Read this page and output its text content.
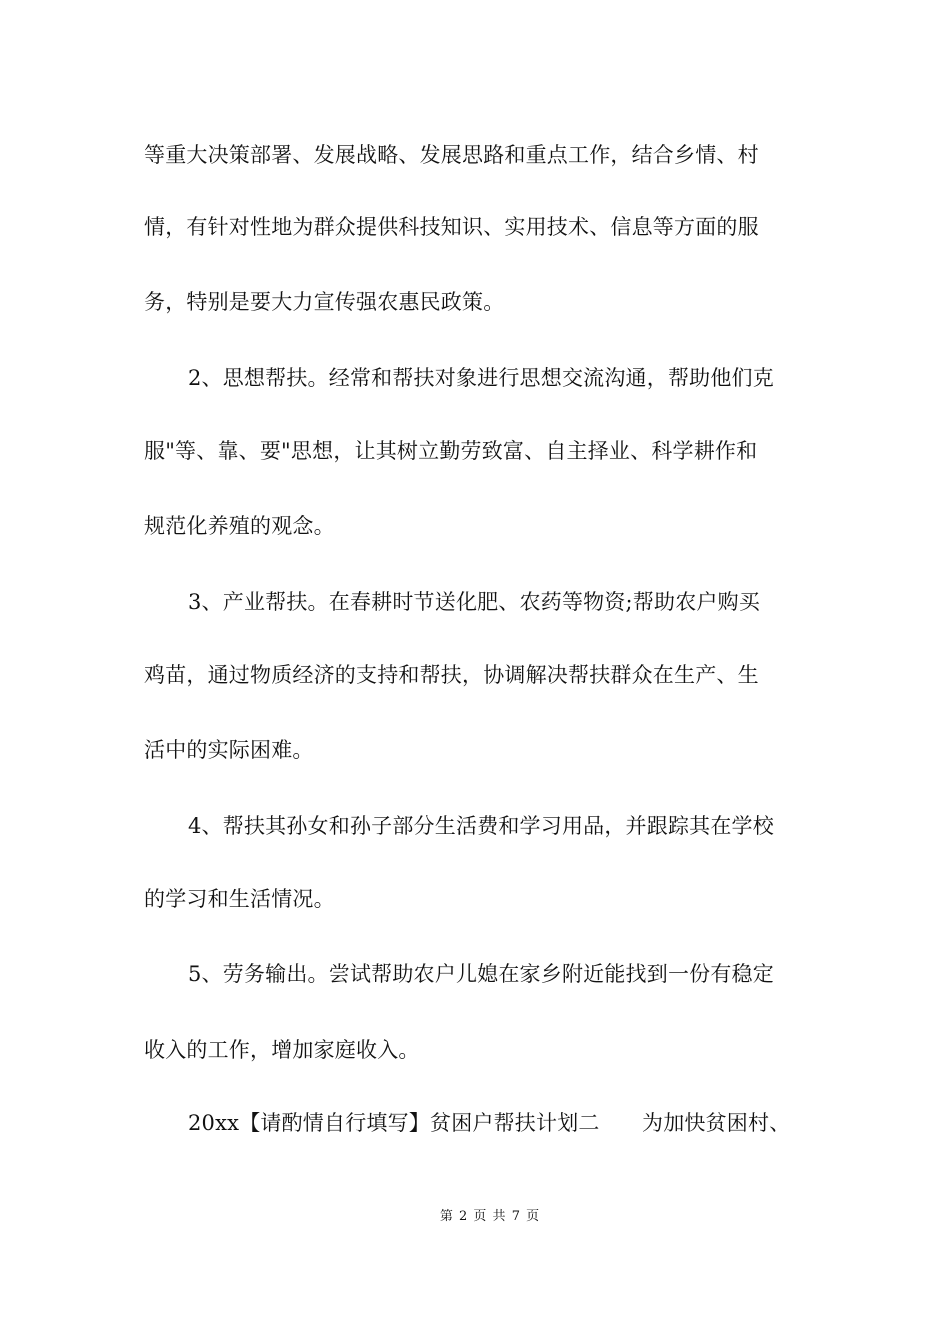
等重大决策部署、发展战略、发展思路和重点工作，结合乡情、村
情，有针对性地为群众提供科技知识、实用技术、信息等方面的服
务，特别是要大力宣传强农惠民政策。
2、思想帮扶。经常和帮扶对象进行思想交流沟通，帮助他们克
服"等、靠、要"思想，让其树立勤劳致富、自主择业、科学耕作和
规范化养殖的观念。
3、产业帮扶。在春耕时节送化肥、农药等物资;帮助农户购买
鸡苗，通过物质经济的支持和帮扶，协调解决帮扶群众在生产、生
活中的实际困难。
4、帮扶其孙女和孙子部分生活费和学习用品，并跟踪其在学校
的学习和生活情况。
5、劳务输出。尝试帮助农户儿媳在家乡附近能找到一份有稳定
收入的工作，增加家庭收入。
20xx【请酌情自行填写】贫困户帮扶计划二　　为加快贫困村、
第 2 页 共 7 页
